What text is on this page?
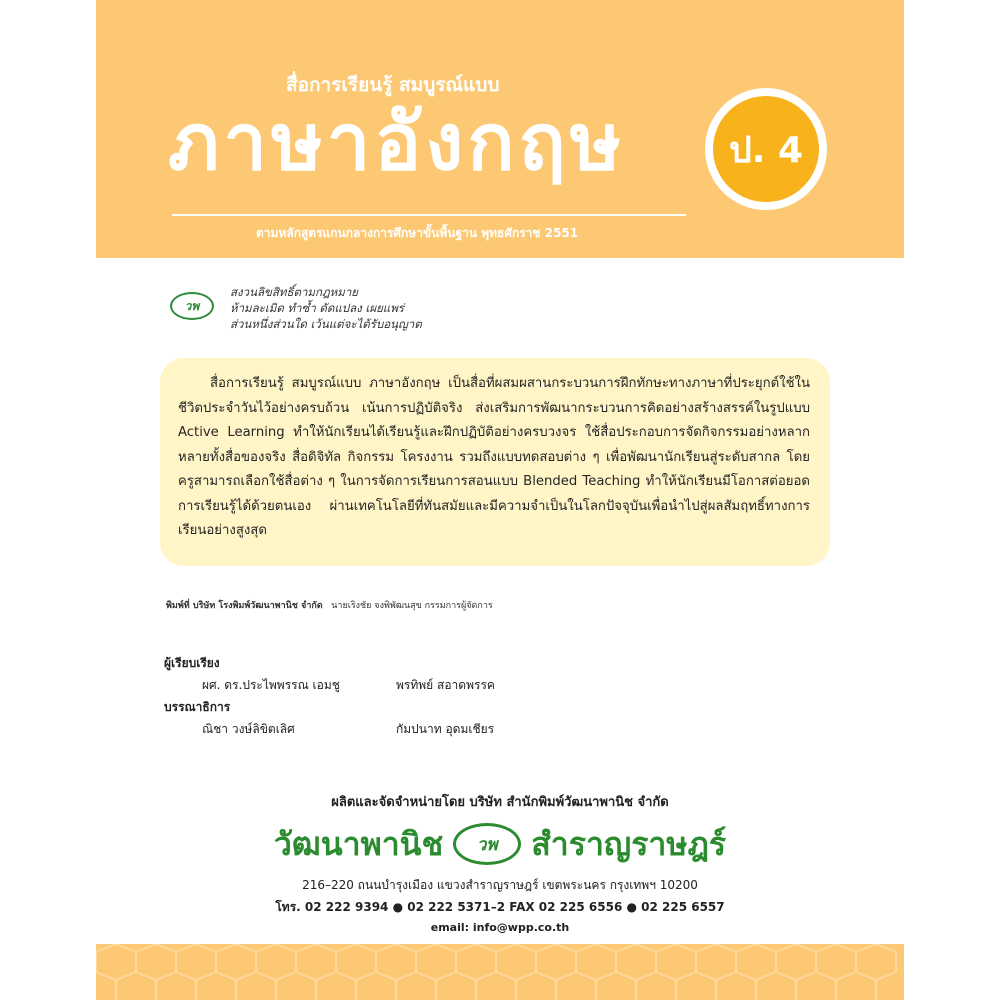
สื่อการเรียนรู้ สมบูรณ์แบบ
ภาษาอังกฤษ	ป. 4
ตามหลักสูตรแกนกลางการศึกษาขั้นพื้นฐาน พุทธศักราช 2551
วพ
สงวนลิขสิทธิ์ตามกฎหมาย
ห้ามละเมิด ทำซ้ำ ดัดแปลง เผยแพร่
ส่วนหนึ่งส่วนใด เว้นแต่จะได้รับอนุญาต
สื่อการเรียนรู้ สมบูรณ์แบบ ภาษาอังกฤษ เป็นสื่อที่ผสมผสานกระบวนการฝึกทักษะทางภาษาที่ประยุกต์ใช้ในชีวิตประจำวันไว้อย่างครบถ้วน เน้นการปฏิบัติจริง ส่งเสริมการพัฒนากระบวนการคิดอย่างสร้างสรรค์ในรูปแบบ Active Learning ทำให้นักเรียนได้เรียนรู้และฝึกปฏิบัติอย่างครบวงจร ใช้สื่อประกอบการจัดกิจกรรมอย่างหลากหลายทั้งสื่อของจริง สื่อดิจิทัล กิจกรรม โครงงาน รวมถึงแบบทดสอบต่าง ๆ เพื่อพัฒนานักเรียนสู่ระดับสากล โดยครูสามารถเลือกใช้สื่อต่าง ๆ ในการจัดการเรียนการสอนแบบ Blended Teaching ทำให้นักเรียนมีโอกาสต่อยอดการเรียนรู้ได้ด้วยตนเอง ผ่านเทคโนโลยีที่ทันสมัยและมีความจำเป็นในโลกปัจจุบันเพื่อนำไปสู่ผลสัมฤทธิ์ทางการเรียนอย่างสูงสุด
พิมพ์ที่ บริษัท โรงพิมพ์วัฒนาพานิช จำกัด นายเริงชัย จงพิพัฒนสุข กรรมการผู้จัดการ
ผู้เรียบเรียง
ผศ. ดร.ประไพพรรณ เอมชู	พรทิพย์ สอาดพรรค
บรรณาธิการ
ณิชา วงษ์ลิขิตเลิศ	กัมปนาท อุดมเชียร
ผลิตและจัดจำหน่ายโดย บริษัท สำนักพิมพ์วัฒนาพานิช จำกัด
วัฒนาพานิช วพ สำราญราษฎร์
216–220 ถนนบำรุงเมือง แขวงสำราญราษฎร์ เขตพระนคร กรุงเทพฯ 10200
โทร. 02 222 9394 ● 02 222 5371–2 FAX 02 225 6556 ● 02 225 6557
email: info@wpp.co.th
